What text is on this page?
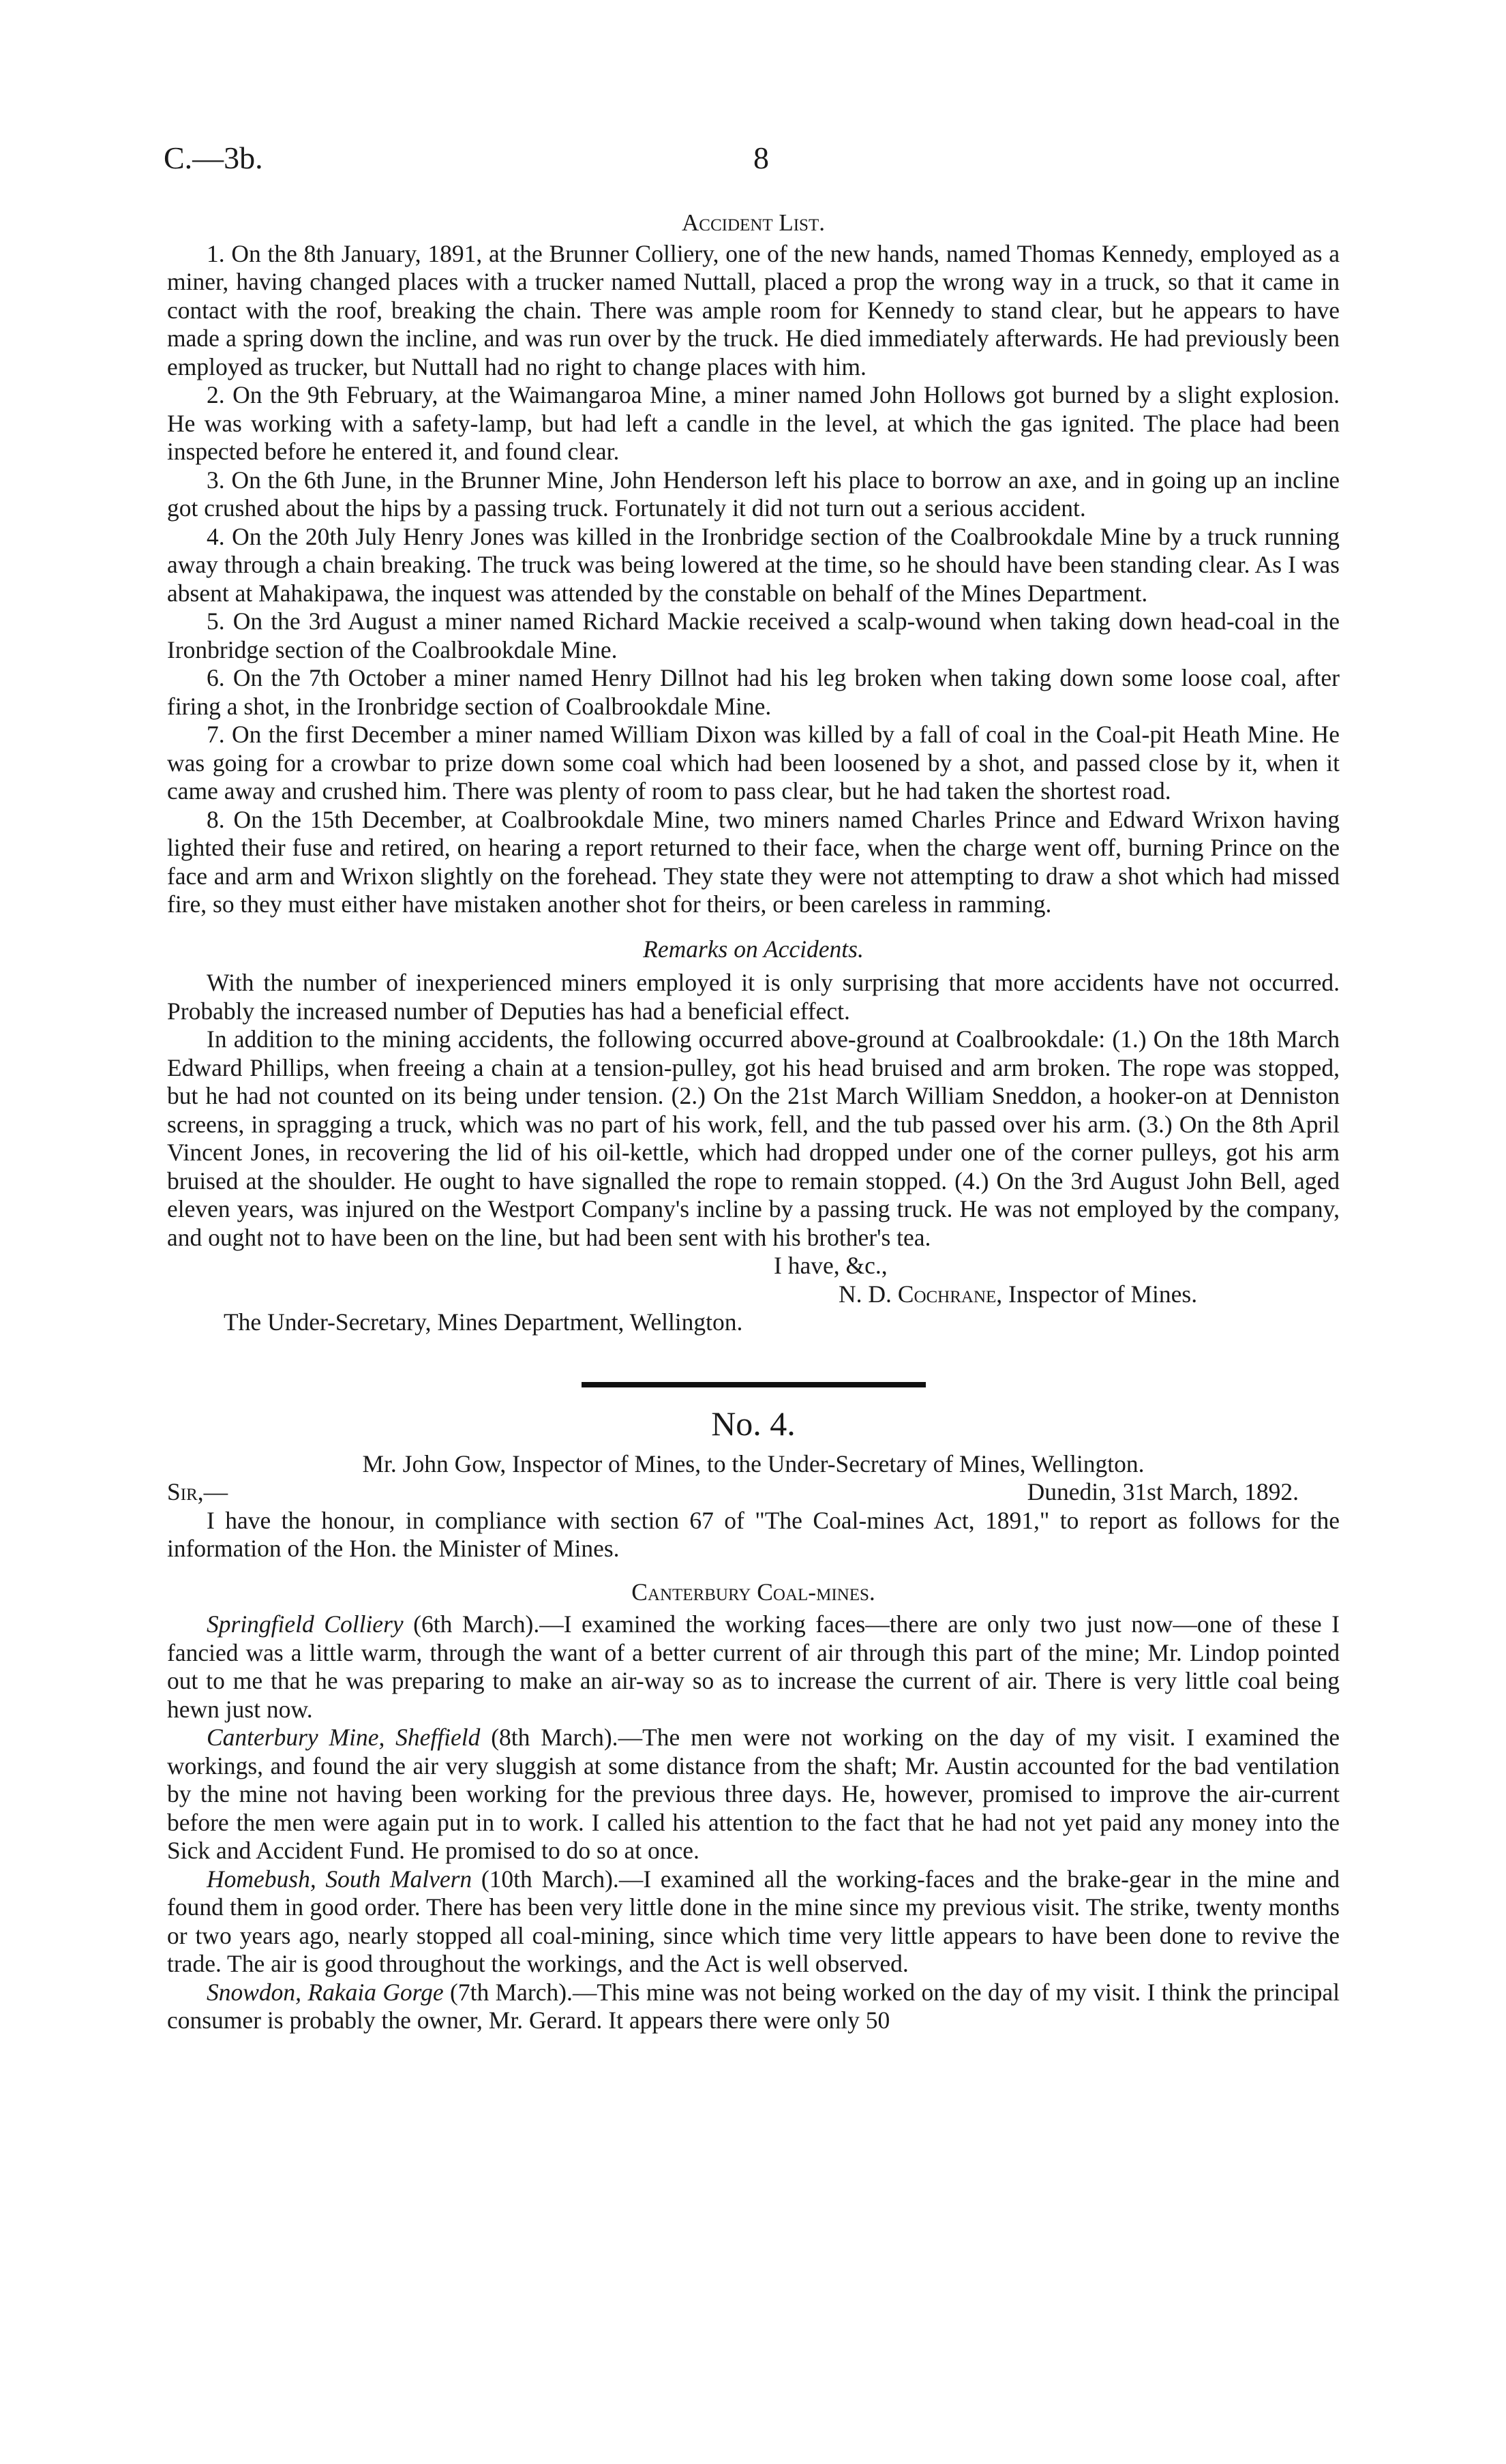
C.—3b.	8
Accident List.

1. On the 8th January, 1891, at the Brunner Colliery, one of the new hands, named Thomas Kennedy, employed as a miner, having changed places with a trucker named Nuttall, placed a prop the wrong way in a truck, so that it came in contact with the roof, breaking the chain. There was ample room for Kennedy to stand clear, but he appears to have made a spring down the incline, and was run over by the truck. He died immediately afterwards. He had previously been employed as trucker, but Nuttall had no right to change places with him.

2. On the 9th February, at the Waimangaroa Mine, a miner named John Hollows got burned by a slight explosion. He was working with a safety-lamp, but had left a candle in the level, at which the gas ignited. The place had been inspected before he entered it, and found clear.

3. On the 6th June, in the Brunner Mine, John Henderson left his place to borrow an axe, and in going up an incline got crushed about the hips by a passing truck. Fortunately it did not turn out a serious accident.

4. On the 20th July Henry Jones was killed in the Ironbridge section of the Coalbrookdale Mine by a truck running away through a chain breaking. The truck was being lowered at the time, so he should have been standing clear. As I was absent at Mahakipawa, the inquest was attended by the constable on behalf of the Mines Department.

5. On the 3rd August a miner named Richard Mackie received a scalp-wound when taking down head-coal in the Ironbridge section of the Coalbrookdale Mine.

6. On the 7th October a miner named Henry Dillnot had his leg broken when taking down some loose coal, after firing a shot, in the Ironbridge section of Coalbrookdale Mine.

7. On the first December a miner named William Dixon was killed by a fall of coal in the Coal-pit Heath Mine. He was going for a crowbar to prize down some coal which had been loosened by a shot, and passed close by it, when it came away and crushed him. There was plenty of room to pass clear, but he had taken the shortest road.

8. On the 15th December, at Coalbrookdale Mine, two miners named Charles Prince and Edward Wrixon having lighted their fuse and retired, on hearing a report returned to their face, when the charge went off, burning Prince on the face and arm and Wrixon slightly on the forehead. They state they were not attempting to draw a shot which had missed fire, so they must either have mistaken another shot for theirs, or been careless in ramming.

Remarks on Accidents.

With the number of inexperienced miners employed it is only surprising that more accidents have not occurred. Probably the increased number of Deputies has had a beneficial effect.

In addition to the mining accidents, the following occurred above-ground at Coalbrookdale: (1.) On the 18th March Edward Phillips, when freeing a chain at a tension-pulley, got his head bruised and arm broken. The rope was stopped, but he had not counted on its being under tension. (2.) On the 21st March William Sneddon, a hooker-on at Denniston screens, in spragging a truck, which was no part of his work, fell, and the tub passed over his arm. (3.) On the 8th April Vincent Jones, in recovering the lid of his oil-kettle, which had dropped under one of the corner pulleys, got his arm bruised at the shoulder. He ought to have signalled the rope to remain stopped. (4.) On the 3rd August John Bell, aged eleven years, was injured on the Westport Company's incline by a passing truck. He was not employed by the company, and ought not to have been on the line, but had been sent with his brother's tea.

I have, &c.,

N. D. Cochrane, Inspector of Mines.

The Under-Secretary, Mines Department, Wellington.

No. 4.

Mr. John Gow, Inspector of Mines, to the Under-Secretary of Mines, Wellington.

Sir,—	Dunedin, 31st March, 1892.

I have the honour, in compliance with section 67 of "The Coal-mines Act, 1891," to report as follows for the information of the Hon. the Minister of Mines.

Canterbury Coal-mines.

Springfield Colliery (6th March).—I examined the working faces—there are only two just now—one of these I fancied was a little warm, through the want of a better current of air through this part of the mine; Mr. Lindop pointed out to me that he was preparing to make an air-way so as to increase the current of air. There is very little coal being hewn just now.

Canterbury Mine, Sheffield (8th March).—The men were not working on the day of my visit. I examined the workings, and found the air very sluggish at some distance from the shaft; Mr. Austin accounted for the bad ventilation by the mine not having been working for the previous three days. He, however, promised to improve the air-current before the men were again put in to work. I called his attention to the fact that he had not yet paid any money into the Sick and Accident Fund. He promised to do so at once.

Homebush, South Malvern (10th March).—I examined all the working-faces and the brake-gear in the mine and found them in good order. There has been very little done in the mine since my previous visit. The strike, twenty months or two years ago, nearly stopped all coal-mining, since which time very little appears to have been done to revive the trade. The air is good throughout the workings, and the Act is well observed.

Snowdon, Rakaia Gorge (7th March).—This mine was not being worked on the day of my visit. I think the principal consumer is probably the owner, Mr. Gerard. It appears there were only 50
